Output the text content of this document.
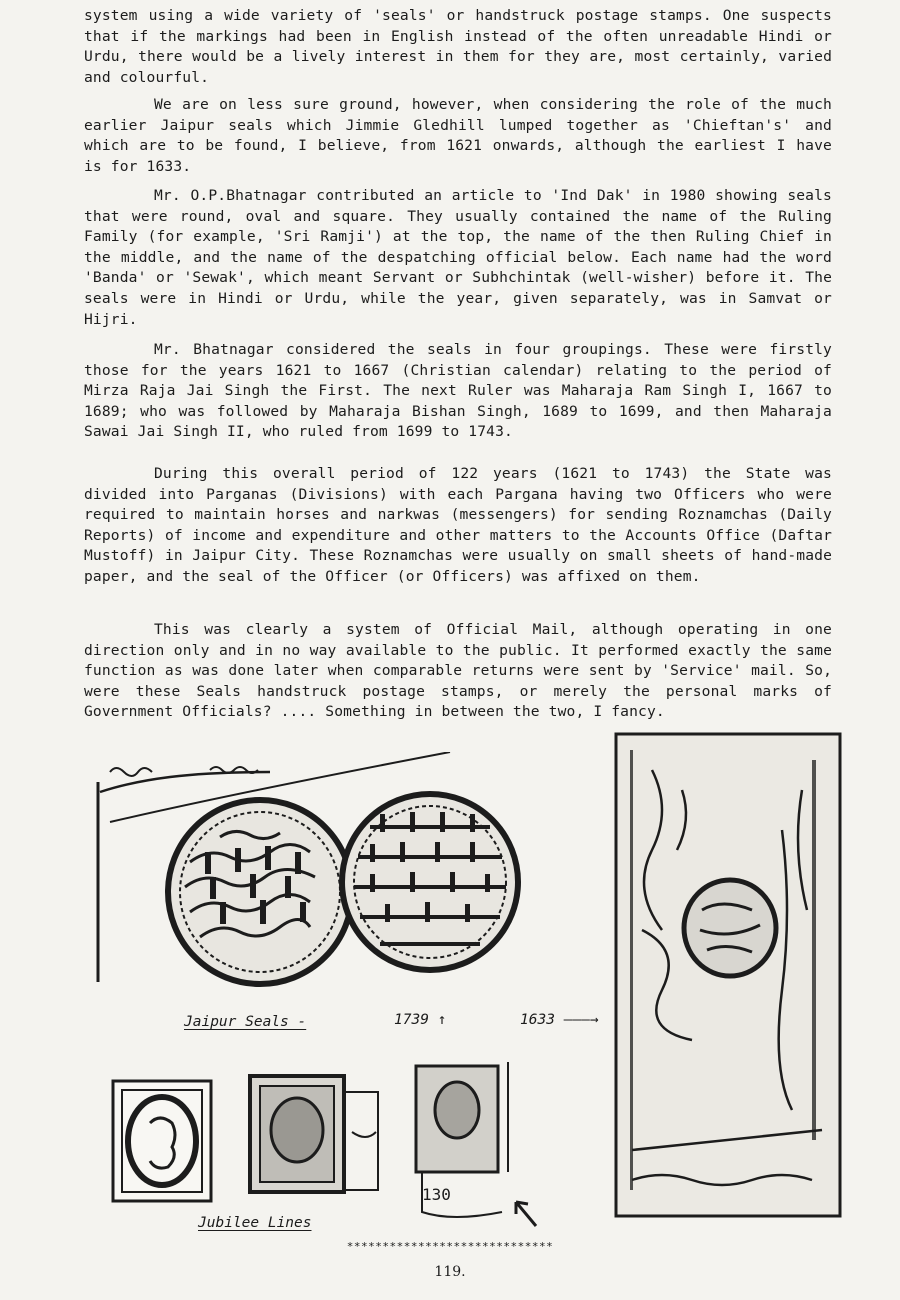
system using a wide variety of 'seals' or handstruck postage stamps. One suspects that if the markings had been in English instead of the often unreadable Hindi or Urdu, there would be a lively interest in them for they are, most certainly, varied and colourful.

We are on less sure ground, however, when considering the role of the much earlier Jaipur seals which Jimmie Gledhill lumped together as 'Chieftan's' and which are to be found, I believe, from 1621 onwards, although the earliest I have is for 1633.

Mr. O.P.Bhatnagar contributed an article to 'Ind Dak' in 1980 showing seals that were round, oval and square. They usually contained the name of the Ruling Family (for example, 'Sri Ramji') at the top, the name of the then Ruling Chief in the middle, and the name of the despatching official below. Each name had the word 'Banda' or 'Sewak', which meant Servant or Subhchintak (well-wisher) before it. The seals were in Hindi or Urdu, while the year, given separately, was in Samvat or Hijri.

Mr. Bhatnagar considered the seals in four groupings. These were firstly those for the years 1621 to 1667 (Christian calendar) relating to the period of Mirza Raja Jai Singh the First. The next Ruler was Maharaja Ram Singh I, 1667 to 1689; who was followed by Maharaja Bishan Singh, 1689 to 1699, and then Maharaja Sawai Jai Singh II, who ruled from 1699 to 1743.

During this overall period of 122 years (1621 to 1743) the State was divided into Parganas (Divisions) with each Pargana having two Officers who were required to maintain horses and narkwas (messengers) for sending Roznamchas (Daily Reports) of income and expenditure and other matters to the Accounts Office (Daftar Mustoff) in Jaipur City. These Roznamchas were usually on small sheets of hand-made paper, and the seal of the Officer (or Officers) was affixed on them.

This was clearly a system of Official Mail, although operating in one direction only and in no way available to the public. It performed exactly the same function as was done later when comparable returns were sent by 'Service' mail. So, were these Seals handstruck postage stamps, or merely the personal marks of Government Officials? .... Something in between the two, I fancy.

Jaipur Seals -	1739 ↑	1633 ———→
130
Jubilee Lines
*****************************
119.
